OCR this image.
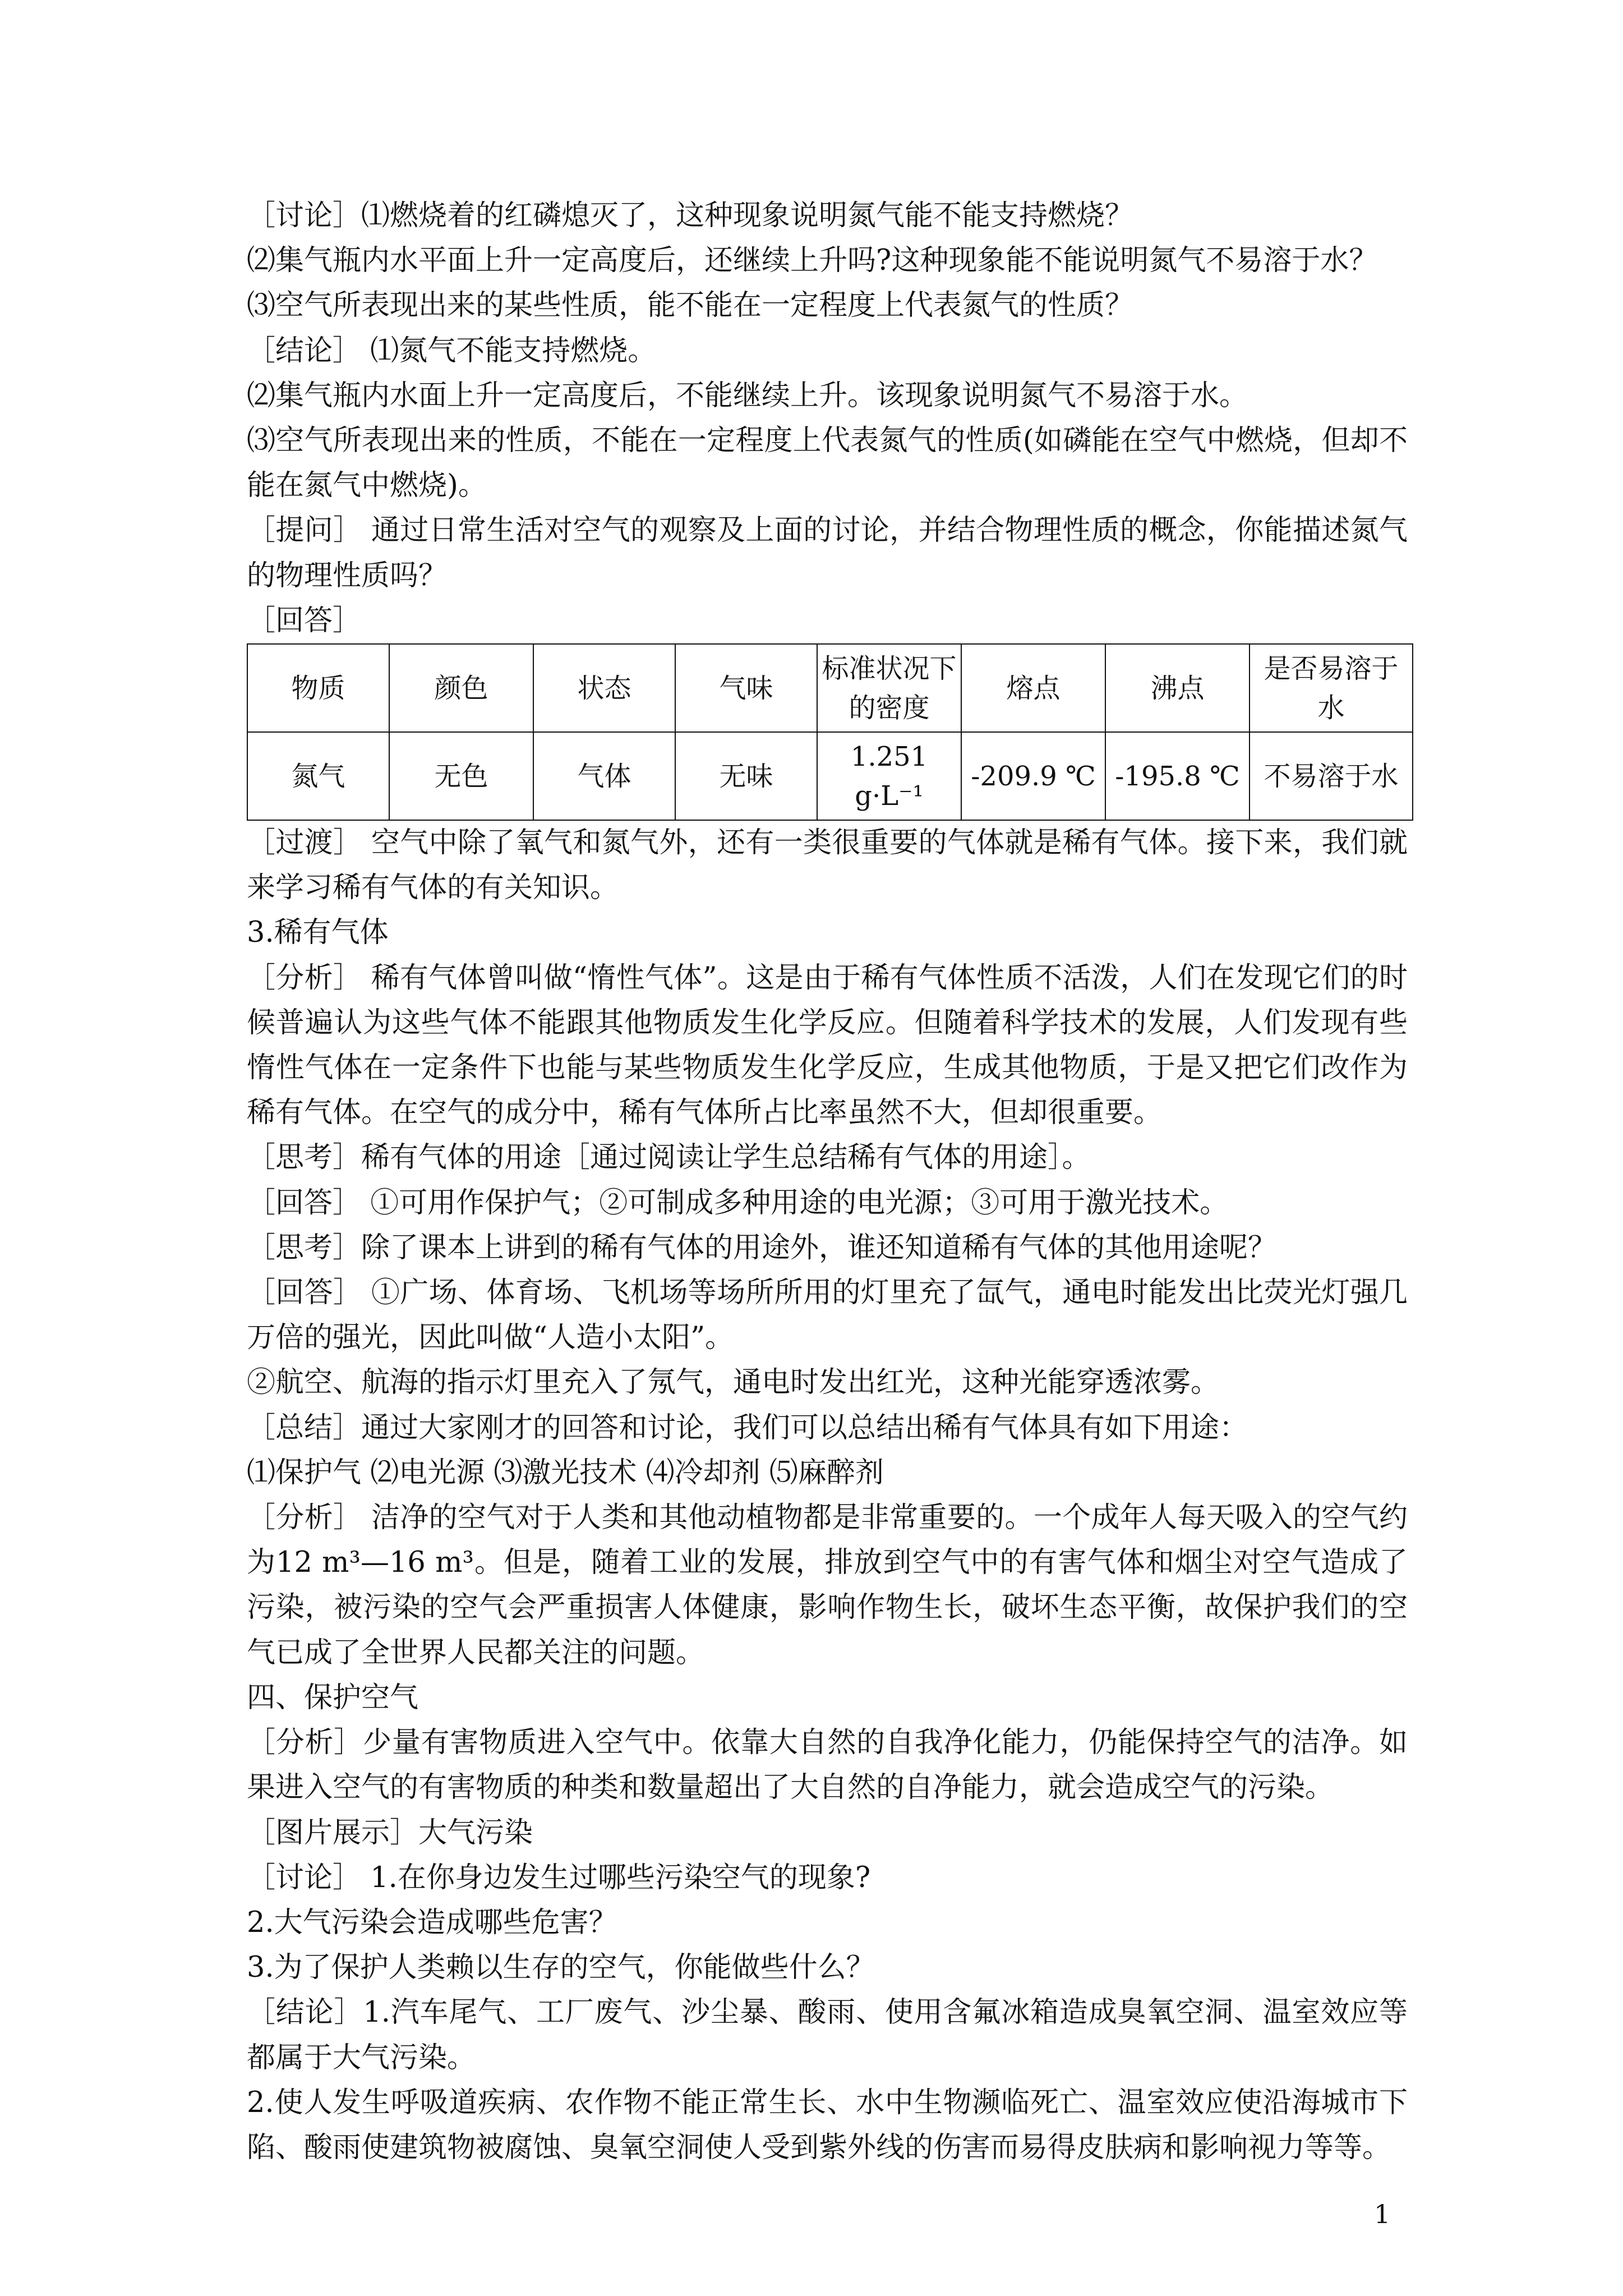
［讨论］⑴燃烧着的红磷熄灭了，这种现象说明氮气能不能支持燃烧？

⑵集气瓶内水平面上升一定高度后，还继续上升吗?这种现象能不能说明氮气不易溶于水？

⑶空气所表现出来的某些性质，能不能在一定程度上代表氮气的性质？

［结论］ ⑴氮气不能支持燃烧。

⑵集气瓶内水面上升一定高度后，不能继续上升。该现象说明氮气不易溶于水。

⑶空气所表现出来的性质，不能在一定程度上代表氮气的性质(如磷能在空气中燃烧，但却不能在氮气中燃烧)。

［提问］ 通过日常生活对空气的观察及上面的讨论，并结合物理性质的概念，你能描述氮气的物理性质吗？

［回答］

物质	颜色	状态	气味	标准状况下的密度	熔点	沸点	是否易溶于水
氮气	无色	气体	无味	1.251 g·L⁻¹	-209.9 ℃	-195.8 ℃	不易溶于水

［过渡］ 空气中除了氧气和氮气外，还有一类很重要的气体就是稀有气体。接下来，我们就来学习稀有气体的有关知识。

3.稀有气体

［分析］ 稀有气体曾叫做“惰性气体”。这是由于稀有气体性质不活泼，人们在发现它们的时候普遍认为这些气体不能跟其他物质发生化学反应。但随着科学技术的发展，人们发现有些惰性气体在一定条件下也能与某些物质发生化学反应，生成其他物质，于是又把它们改作为稀有气体。在空气的成分中，稀有气体所占比率虽然不大，但却很重要。

［思考］稀有气体的用途［通过阅读让学生总结稀有气体的用途］。

［回答］ ①可用作保护气；②可制成多种用途的电光源；③可用于激光技术。

［思考］除了课本上讲到的稀有气体的用途外，谁还知道稀有气体的其他用途呢？

［回答］ ①广场、体育场、飞机场等场所所用的灯里充了氙气，通电时能发出比荧光灯强几万倍的强光，因此叫做“人造小太阳”。

②航空、航海的指示灯里充入了氖气，通电时发出红光，这种光能穿透浓雾。

［总结］通过大家刚才的回答和讨论，我们可以总结出稀有气体具有如下用途：

⑴保护气 ⑵电光源 ⑶激光技术 ⑷冷却剂 ⑸麻醉剂

［分析］ 洁净的空气对于人类和其他动植物都是非常重要的。一个成年人每天吸入的空气约为12 m³—16 m³。但是，随着工业的发展，排放到空气中的有害气体和烟尘对空气造成了污染，被污染的空气会严重损害人体健康，影响作物生长，破坏生态平衡，故保护我们的空气已成了全世界人民都关注的问题。

四、保护空气

［分析］少量有害物质进入空气中。依靠大自然的自我净化能力，仍能保持空气的洁净。如果进入空气的有害物质的种类和数量超出了大自然的自净能力，就会造成空气的污染。

［图片展示］大气污染

［讨论］ 1.在你身边发生过哪些污染空气的现象?

2.大气污染会造成哪些危害？

3.为了保护人类赖以生存的空气，你能做些什么？

［结论］1.汽车尾气、工厂废气、沙尘暴、酸雨、使用含氟冰箱造成臭氧空洞、温室效应等都属于大气污染。

2.使人发生呼吸道疾病、农作物不能正常生长、水中生物濒临死亡、温室效应使沿海城市下陷、酸雨使建筑物被腐蚀、臭氧空洞使人受到紫外线的伤害而易得皮肤病和影响视力等等。

1
